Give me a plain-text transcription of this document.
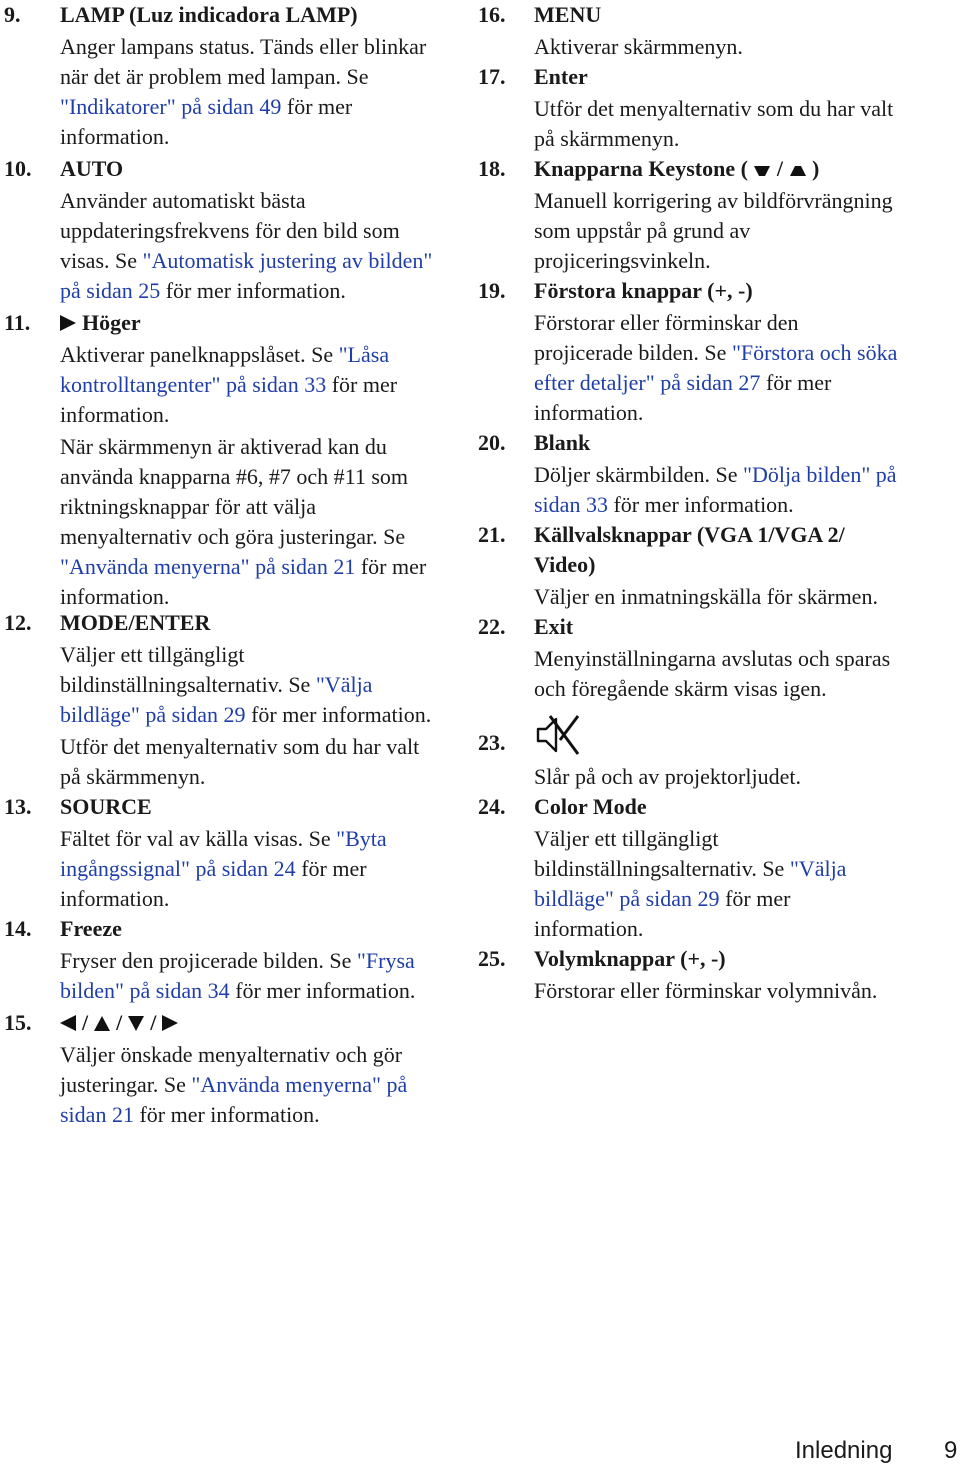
9. LAMP (Luz indicadora LAMP)
Anger lampans status. Tänds eller blinkar
när det är problem med lampan. Se
"Indikatorer" på sidan 49 för mer
information.
10. AUTO
Använder automatiskt bästa
uppdateringsfrekvens för den bild som
visas. Se "Automatisk justering av bilden"
på sidan 25 för mer information.
11. Höger
Aktiverar panelknappslåset. Se "Låsa
kontrolltangenter" på sidan 33 för mer
information.
När skärmmenyn är aktiverad kan du
använda knapparna #6, #7 och #11 som
riktningsknappar för att välja
menyalternativ och göra justeringar. Se
"Använda menyerna" på sidan 21 för mer
information.
12. MODE/ENTER
Väljer ett tillgängligt
bildinställningsalternativ. Se "Välja
bildläge" på sidan 29 för mer information.
Utför det menyalternativ som du har valt
på skärmmenyn.
13. SOURCE
Fältet för val av källa visas. Se "Byta
ingångssignal" på sidan 24 för mer
information.
14. Freeze
Fryser den projicerade bilden. Se "Frysa
bilden" på sidan 34 för mer information.
15. / / /
Väljer önskade menyalternativ och gör
justeringar. Se "Använda menyerna" på
sidan 21 för mer information.
16. MENU
Aktiverar skärmmenyn.
17. Enter
Utför det menyalternativ som du har valt
på skärmmenyn.
18. Knapparna Keystone ( / )
Manuell korrigering av bildförvrängning
som uppstår på grund av
projiceringsvinkeln.
19. Förstora knappar (+, -)
Förstorar eller förminskar den
projicerade bilden. Se "Förstora och söka
efter detaljer" på sidan 27 för mer
information.
20. Blank
Döljer skärmbilden. Se "Dölja bilden" på
sidan 33 för mer information.
21. Källvalsknappar (VGA 1/VGA 2/
Video)
Väljer en inmatningskälla för skärmen.
22. Exit
Menyinställningarna avslutas och sparas
och föregående skärm visas igen.
23.
Slår på och av projektorljudet.
24. Color Mode
Väljer ett tillgängligt
bildinställningsalternativ. Se "Välja
bildläge" på sidan 29 för mer
information.
25. Volymknappar (+, -)
Förstorar eller förminskar volymnivån.
Inledning 9
